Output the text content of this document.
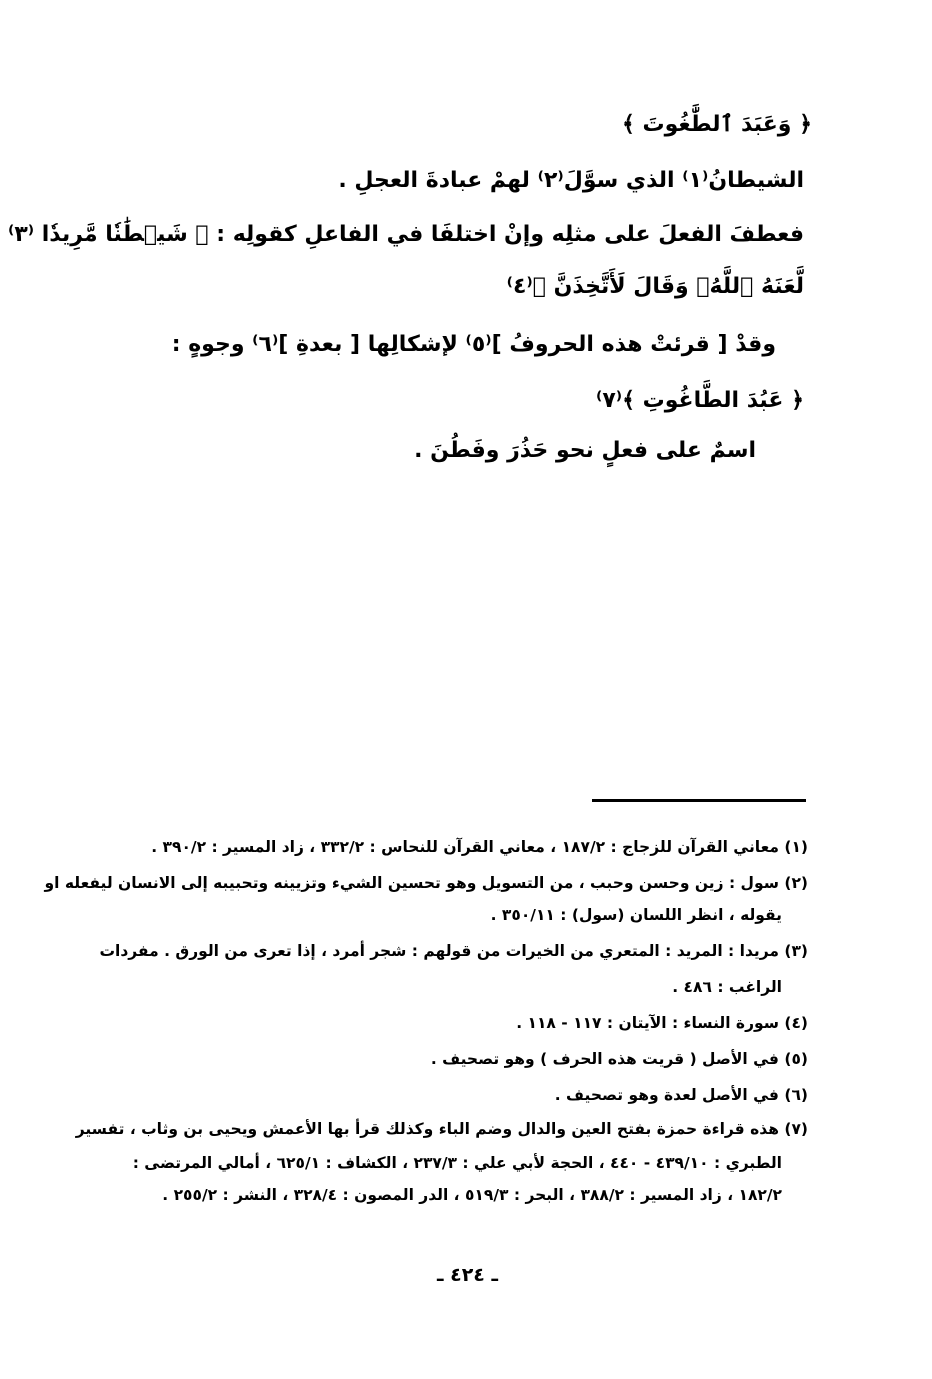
﴿ وَعَبَدَ ٱلطَّٰغُوتَ ﴾
الشيطانُ⁽١⁾ الذي سوَّلَ⁽٢⁾ لهمْ عبادةَ العجلِ .
فعطفَ الفعلَ على مثلِه وإنْ اختلفَا في الفاعلِ كقولِه : ﴿ شَيۡطَٰنٗا مَّرِيدٗا ⁽٣⁾
لَّعَنَهُ ٱللَّهُۘ وَقَالَ لَأَتَّخِذَنَّ ﴾⁽٤⁾
وقدْ [ قرئتْ هذه الحروفُ ]⁽٥⁾ لإشكالِها [ بعدةِ ]⁽٦⁾ وجوهٍ :
﴿ عَبُدَ الطَّاغُوتِ ﴾⁽٧⁾
اسمٌ على فعلٍ نحو حَذُرَ وفَطُنَ .
(١) معاني القرآن للزجاج : ١٨٧/٢ ، معاني القرآن للنحاس : ٣٣٢/٢ ، زاد المسير : ٣٩٠/٢ .
(٢) سول : زين وحسن وحبب ، من التسويل وهو تحسين الشيء وتزيينه وتحبيبه إلى الانسان ليفعله او
يقوله ، انظر اللسان (سول) : ٣٥٠/١١ .
(٣) مريدا : المريد : المتعري من الخيرات من قولهم : شجر أمرد ، إذا تعرى من الورق . مفردات
الراغب : ٤٨٦ .
(٤) سورة النساء : الآيتان : ١١٧ - ١١٨ .
(٥) في الأصل ( قريت هذه الحرف ) وهو تصحيف .
(٦) في الأصل لعدة وهو تصحيف .
(٧) هذه قراءة حمزة بفتح العين والدال وضم الباء وكذلك قرأ بها الأعمش ويحيى بن وثاب ، تفسير
الطبري : ٤٣٩/١٠ - ٤٤٠ ، الحجة لأبي علي : ٢٣٧/٣ ، الكشاف : ٦٢٥/١ ، أمالي المرتضى :
١٨٢/٢ ، زاد المسير : ٣٨٨/٢ ، البحر : ٥١٩/٣ ، الدر المصون : ٣٢٨/٤ ، النشر : ٢٥٥/٢ .
ـ ٤٢٤ ـ
